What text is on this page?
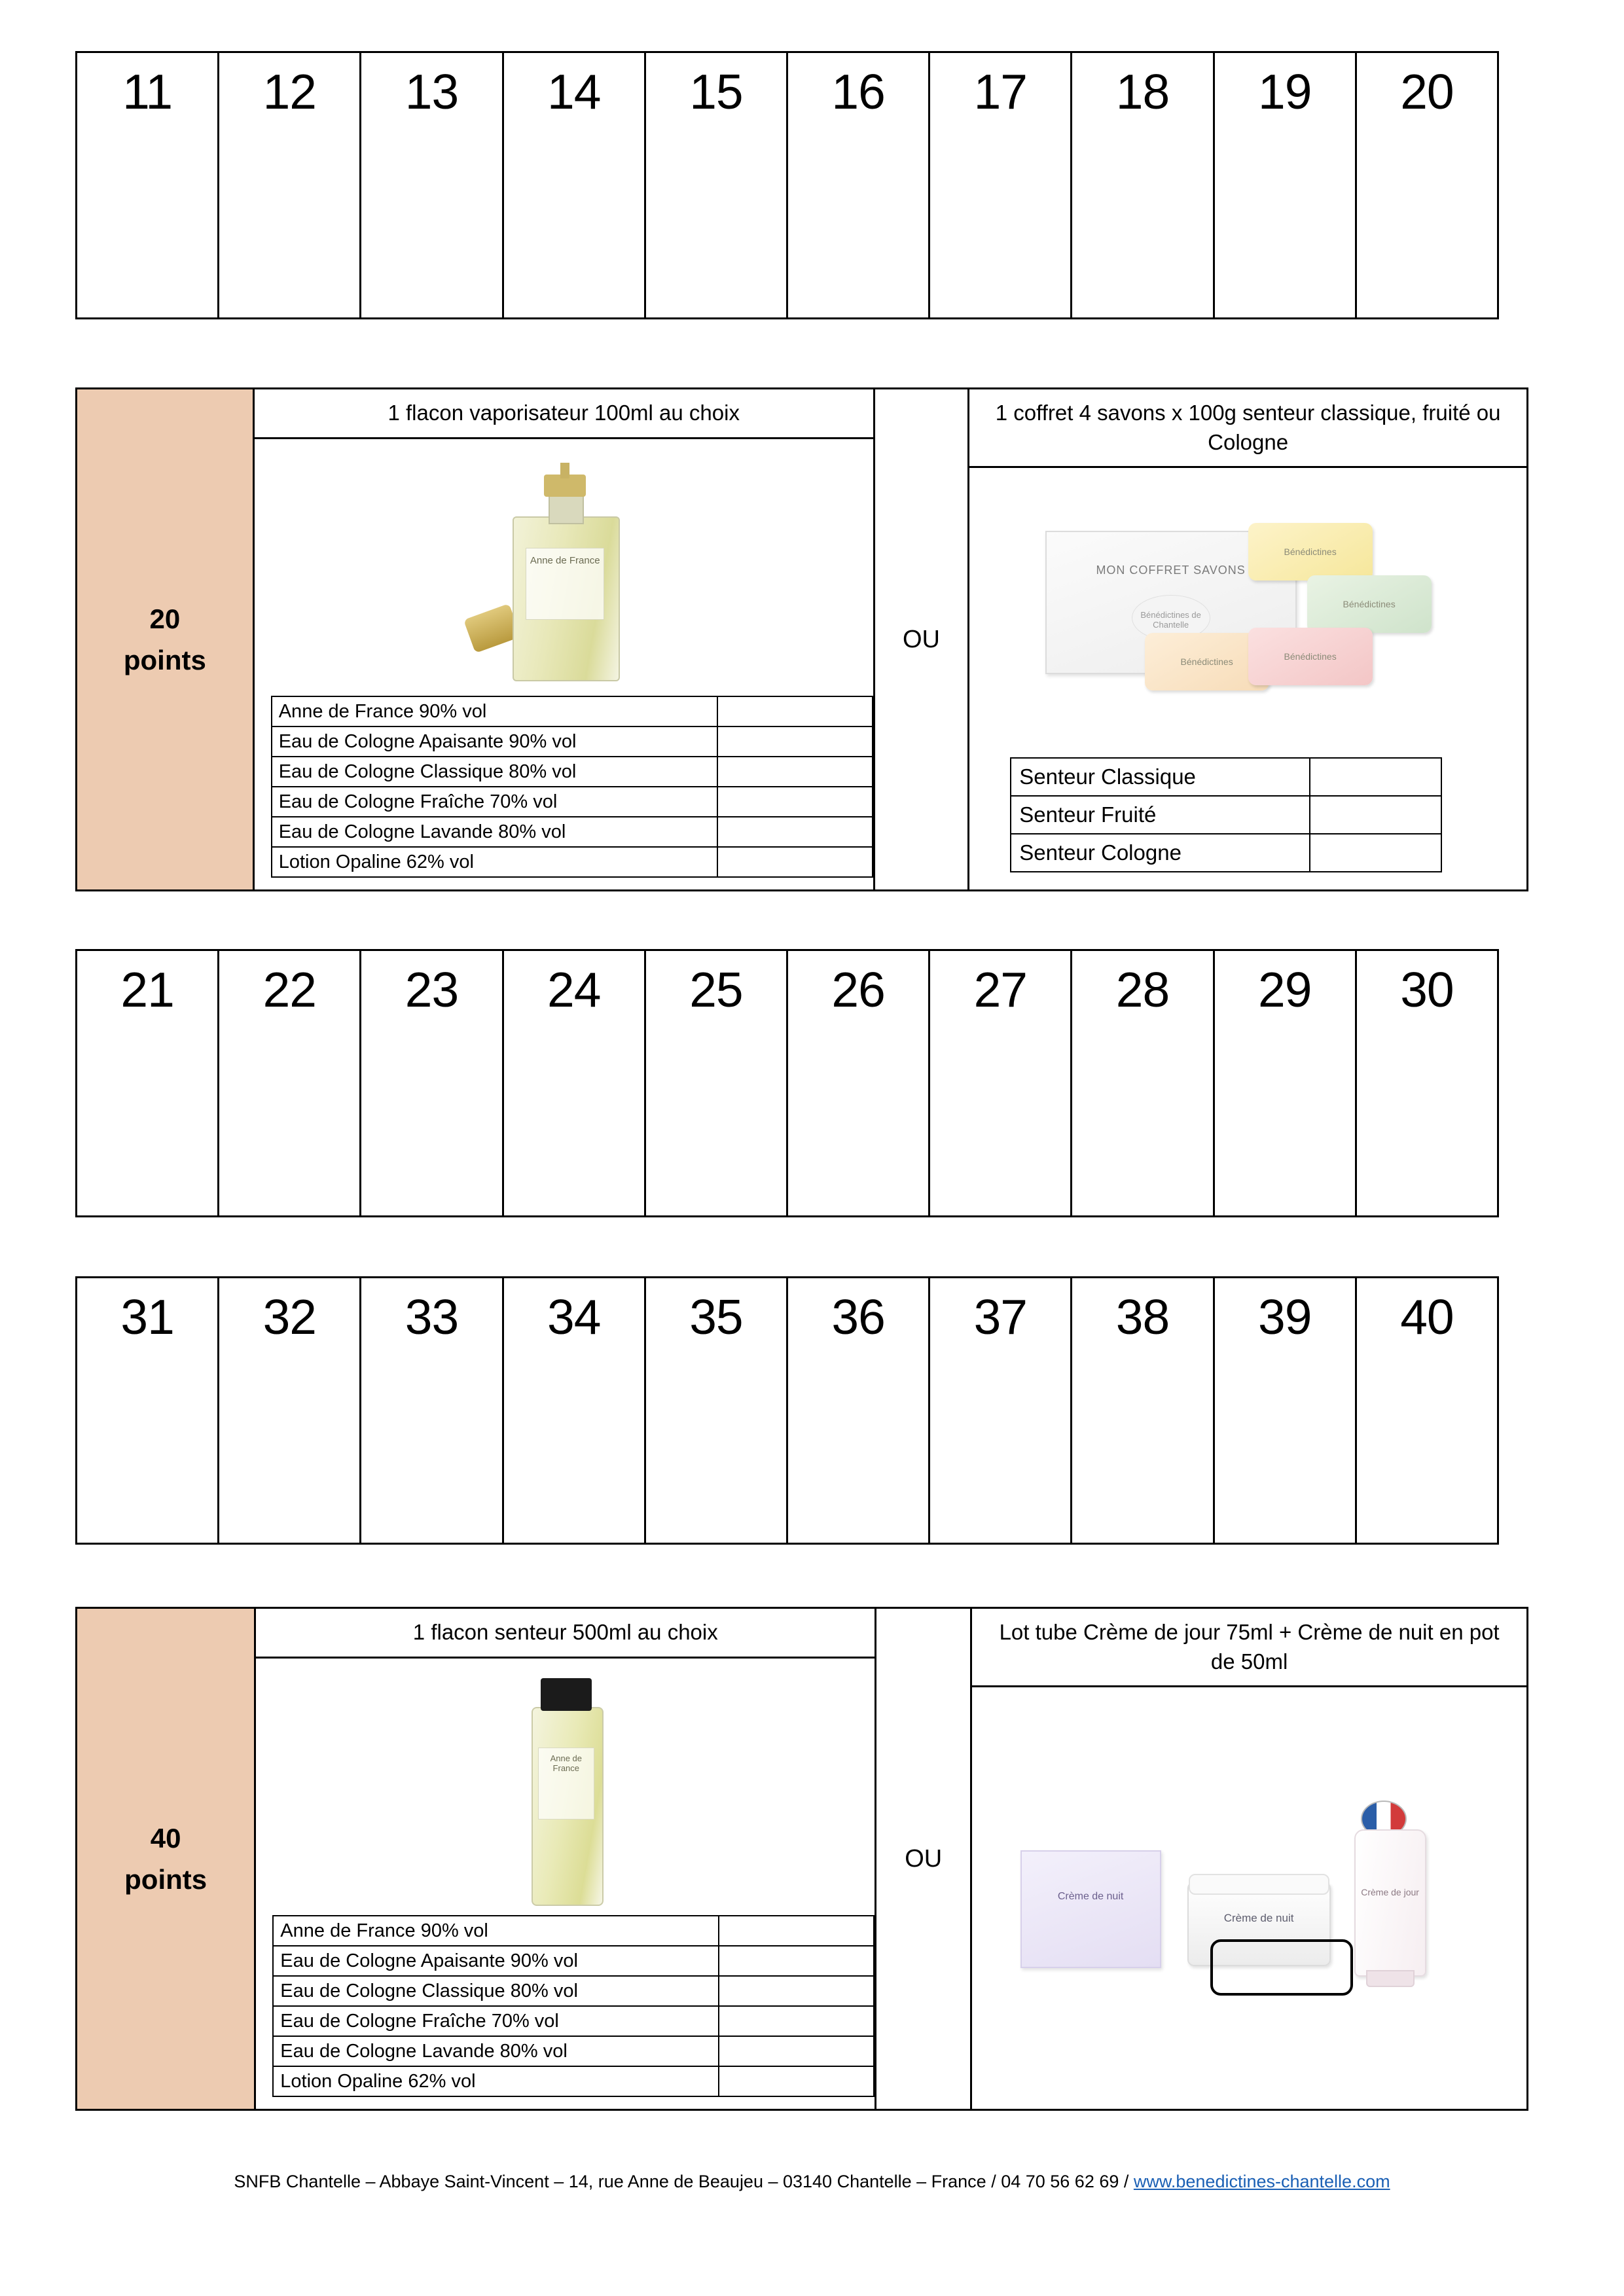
11 12 13 14 15 16 17 18 19 20
20
points
1 flacon vaporisateur 100ml au choix
Anne de France
Anne de France 90% vol	
Eau de Cologne Apaisante 90% vol	
Eau de Cologne Classique 80% vol	
Eau de Cologne Fraîche 70% vol	
Eau de Cologne Lavande 80% vol	
Lotion Opaline 62% vol	
OU
1 coffret 4 savons x 100g senteur classique, fruité ou Cologne
MON COFFRET SAVONS
Bénédictines de Chantelle
Bénédictines
Bénédictines
Bénédictines	Bénédictines
Senteur Classique	
Senteur Fruité	
Senteur Cologne	
21 22 23 24 25 26 27 28 29 30
31 32 33 34 35 36 37 38 39 40
40
points
1 flacon senteur 500ml au choix
Anne de France
Anne de France 90% vol	
Eau de Cologne Apaisante 90% vol	
Eau de Cologne Classique 80% vol	
Eau de Cologne Fraîche 70% vol	
Eau de Cologne Lavande 80% vol	
Lotion Opaline 62% vol	
OU
Lot tube Crème de jour 75ml + Crème de nuit en pot de 50ml
Crème de nuit
Crème de nuit
Crème de jour
SNFB Chantelle – Abbaye Saint-Vincent – 14, rue Anne de Beaujeu – 03140 Chantelle – France / 04 70 56 62 69 / www.benedictines-chantelle.com
